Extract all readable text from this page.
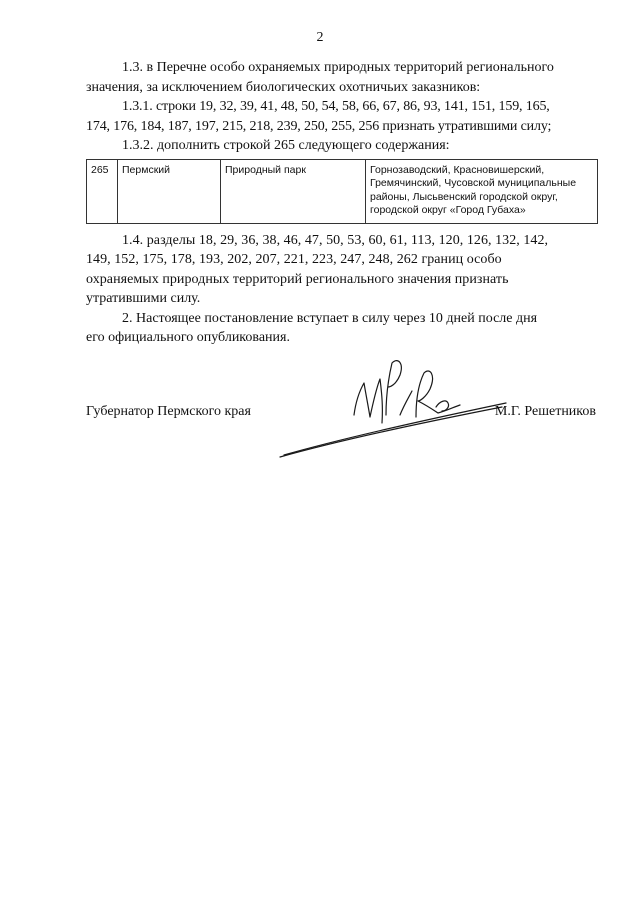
2

1.3. в Перечне особо охраняемых природных территорий регионального

значения, за исключением биологических охотничьих заказников:

1.3.1. строки 19, 32, 39, 41, 48, 50, 54, 58, 66, 67, 86, 93, 141, 151, 159, 165,

174, 176, 184, 187, 197, 215, 218, 239, 250, 255, 256 признать утратившими силу;

1.3.2. дополнить строкой 265 следующего содержания:

265	Пермский	Природный парк	Горнозаводский, Красновишерский,
Гремячинский, Чусовской муниципальные
районы, Лысьвенский городской округ,
городской округ «Город Губаха»

1.4. разделы 18, 29, 36, 38, 46, 47, 50, 53, 60, 61, 113, 120, 126, 132, 142,

149, 152, 175, 178, 193, 202, 207, 221, 223, 247, 248, 262 границ особо

охраняемых природных территорий регионального значения признать

утратившими силу.

2. Настоящее постановление вступает в силу через 10 дней после дня

его официального опубликования.

Губернатор Пермского края	М.Г. Решетников
